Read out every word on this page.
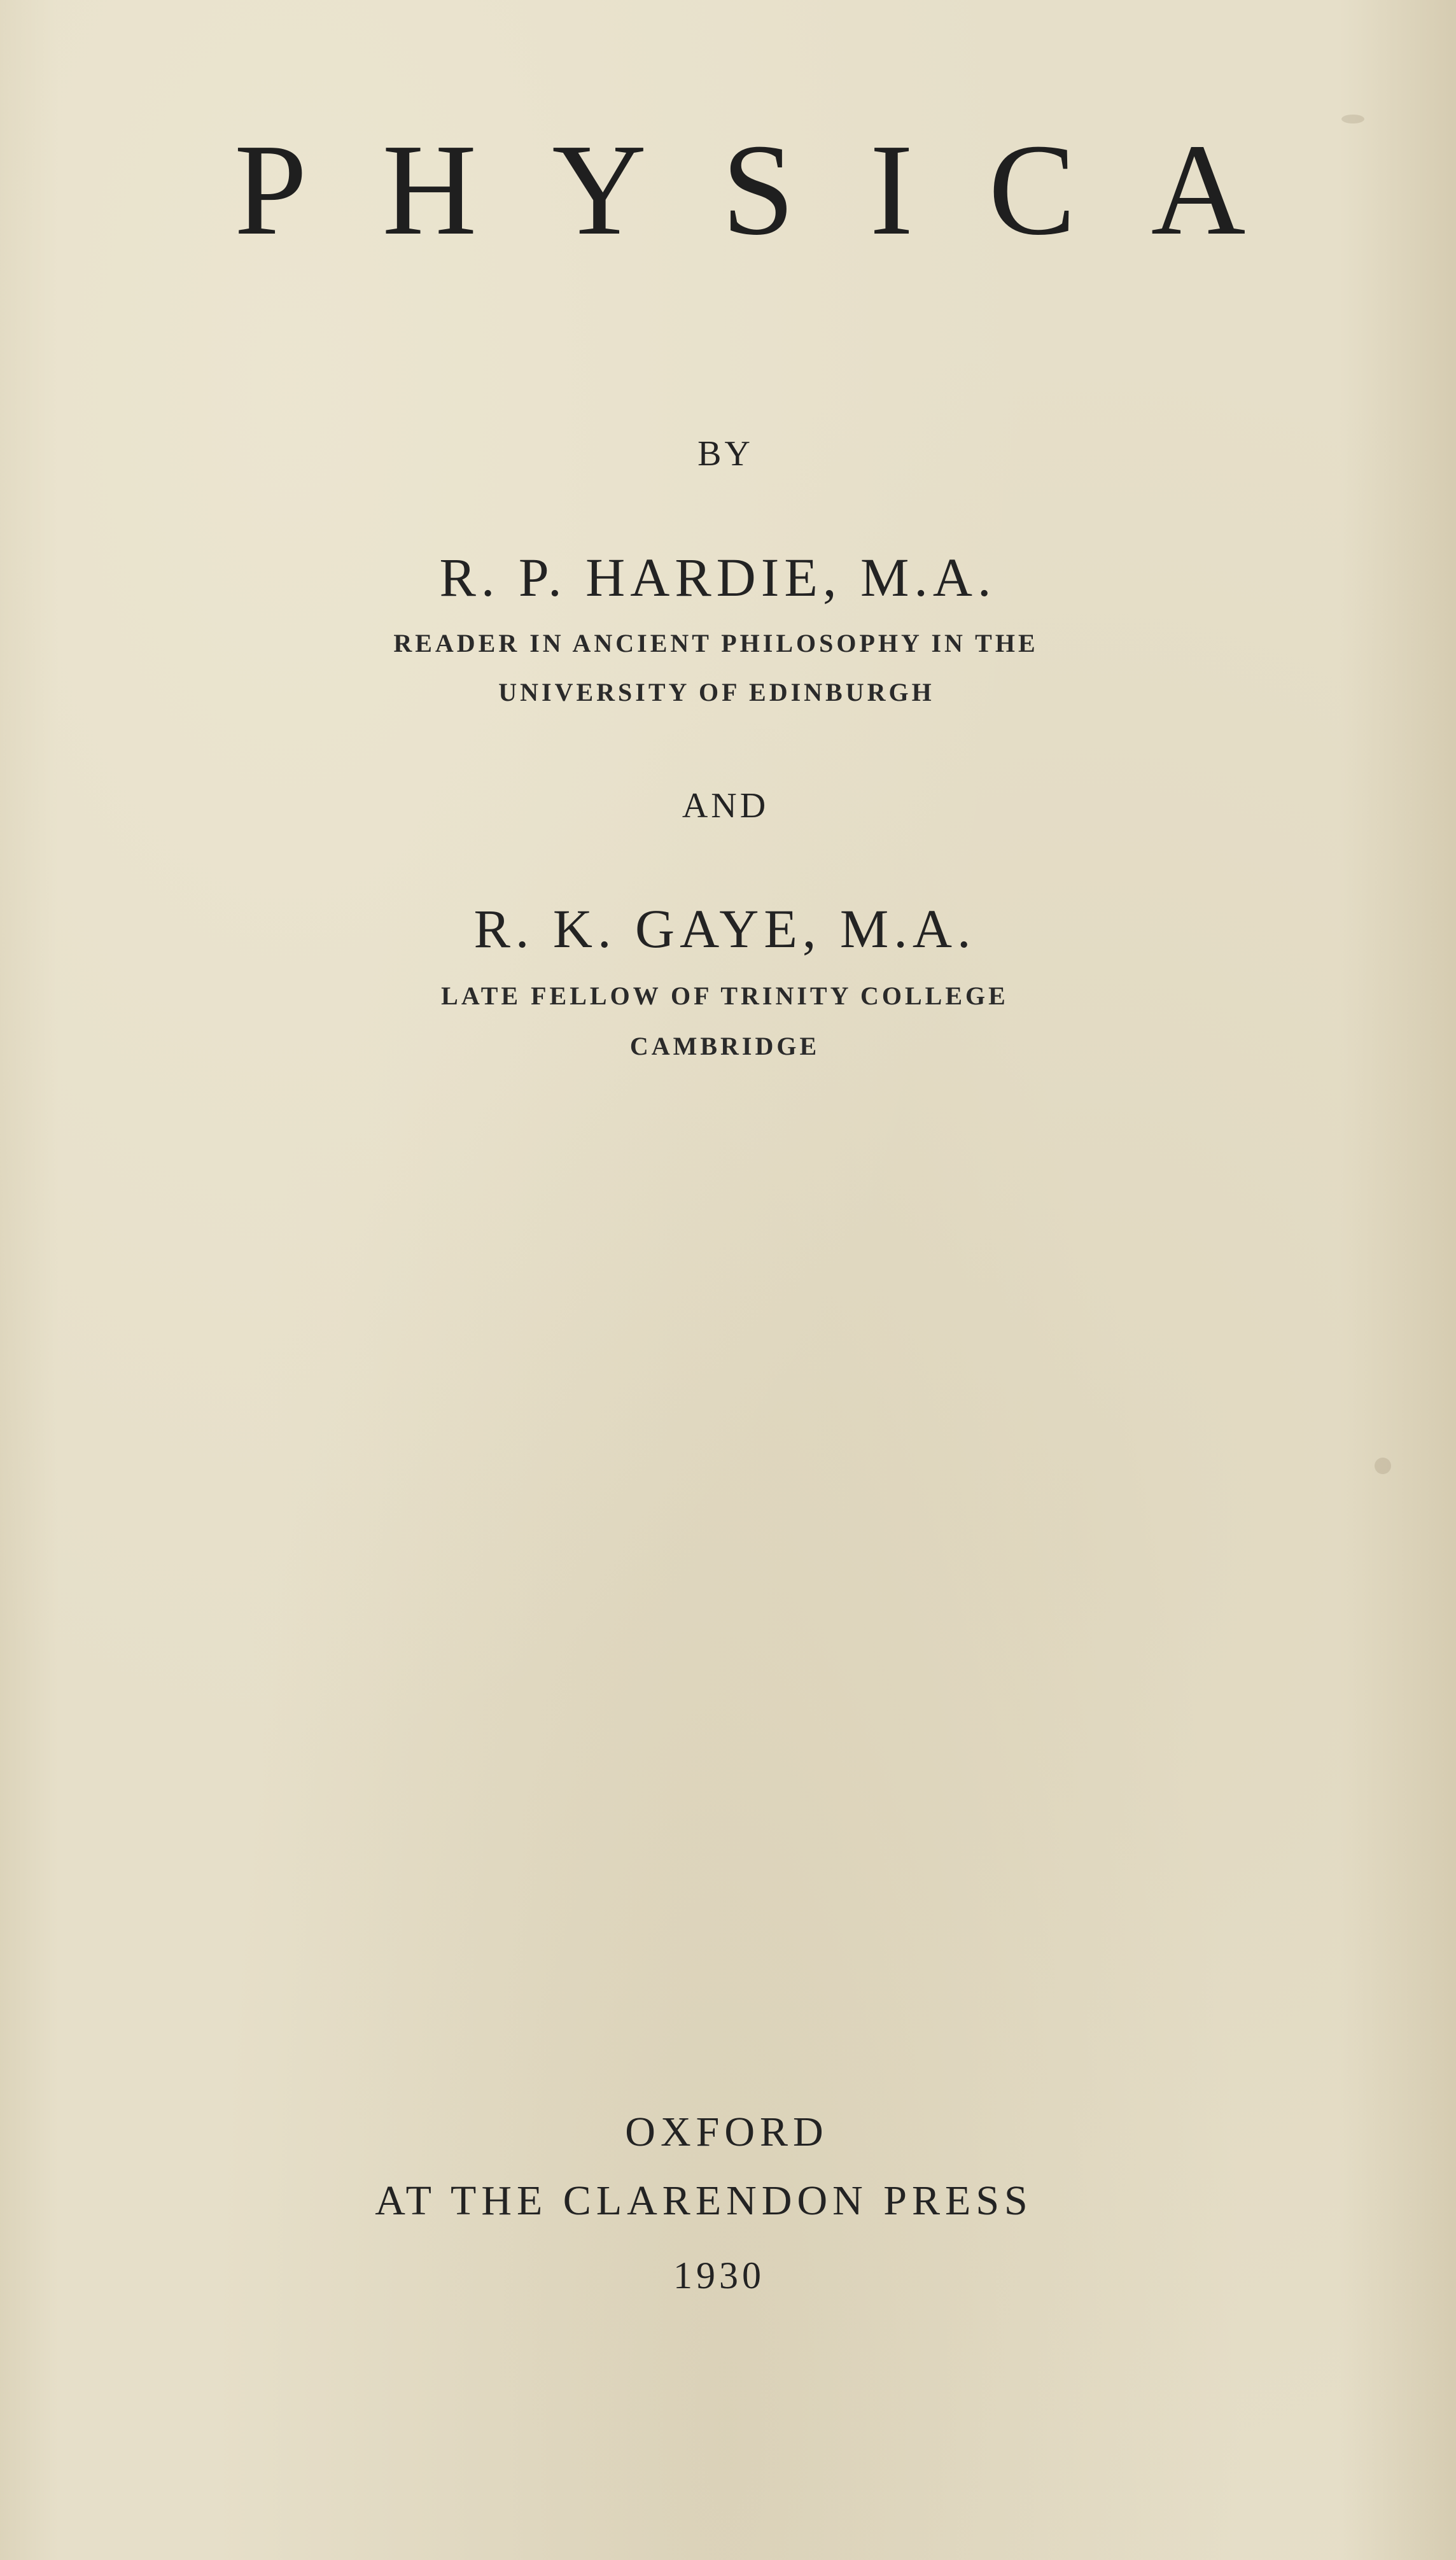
PHYSICA

BY

R. P. HARDIE, M.A.

READER IN ANCIENT PHILOSOPHY IN THE

UNIVERSITY OF EDINBURGH

AND

R. K. GAYE, M.A.

LATE FELLOW OF TRINITY COLLEGE

CAMBRIDGE

OXFORD

AT THE CLARENDON PRESS

1930
